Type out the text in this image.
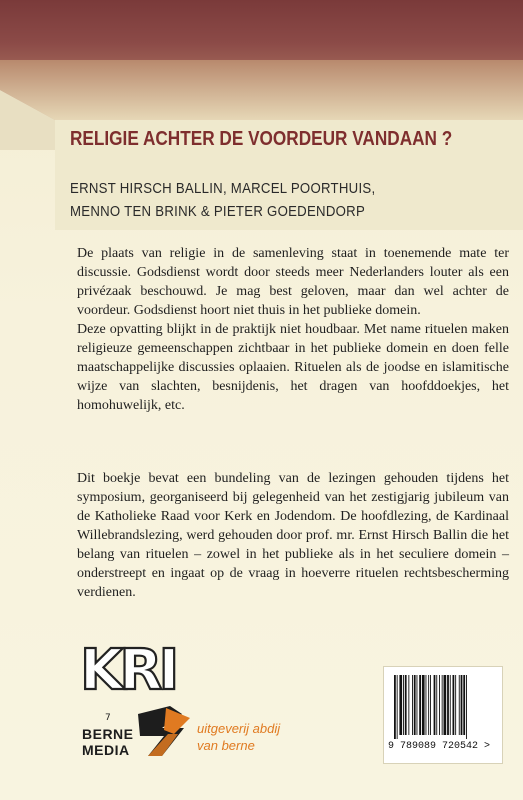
RELIGIE ACHTER DE VOORDEUR VANDAAN ?
ERNST HIRSCH BALLIN, MARCEL POORTHUIS,
MENNO TEN BRINK & PIETER GOEDENDORP

De plaats van religie in de samenleving staat in toenemende mate ter discussie. Godsdienst wordt door steeds meer Nederlanders louter als een privézaak beschouwd. Je mag best geloven, maar dan wel achter de voordeur. Godsdienst hoort niet thuis in het publieke domein.

Deze opvatting blijkt in de praktijk niet houdbaar. Met name rituelen maken religieuze gemeenschappen zichtbaar in het publieke domein en doen felle maatschappelijke discussies oplaaien. Rituelen als de joodse en islamitische wijze van slachten, besnijdenis, het dragen van hoofddoekjes, het homohuwelijk, etc.

Dit boekje bevat een bundeling van de lezingen gehouden tijdens het symposium, georganiseerd bij gelegenheid van het zestigjarig jubileum van de Katholieke Raad voor Kerk en Jodendom. De hoofdlezing, de Kardinaal Willebrandslezing, werd gehouden door prof. mr. Ernst Hirsch Ballin die het belang van rituelen – zowel in het publieke als in het seculiere domein – onderstreept en ingaat op de vraag in hoeverre rituelen rechtsbescherming verdienen.

KRI
7
BERNE
MEDIA
uitgeverij abdij
van berne	9 789089 720542 >
